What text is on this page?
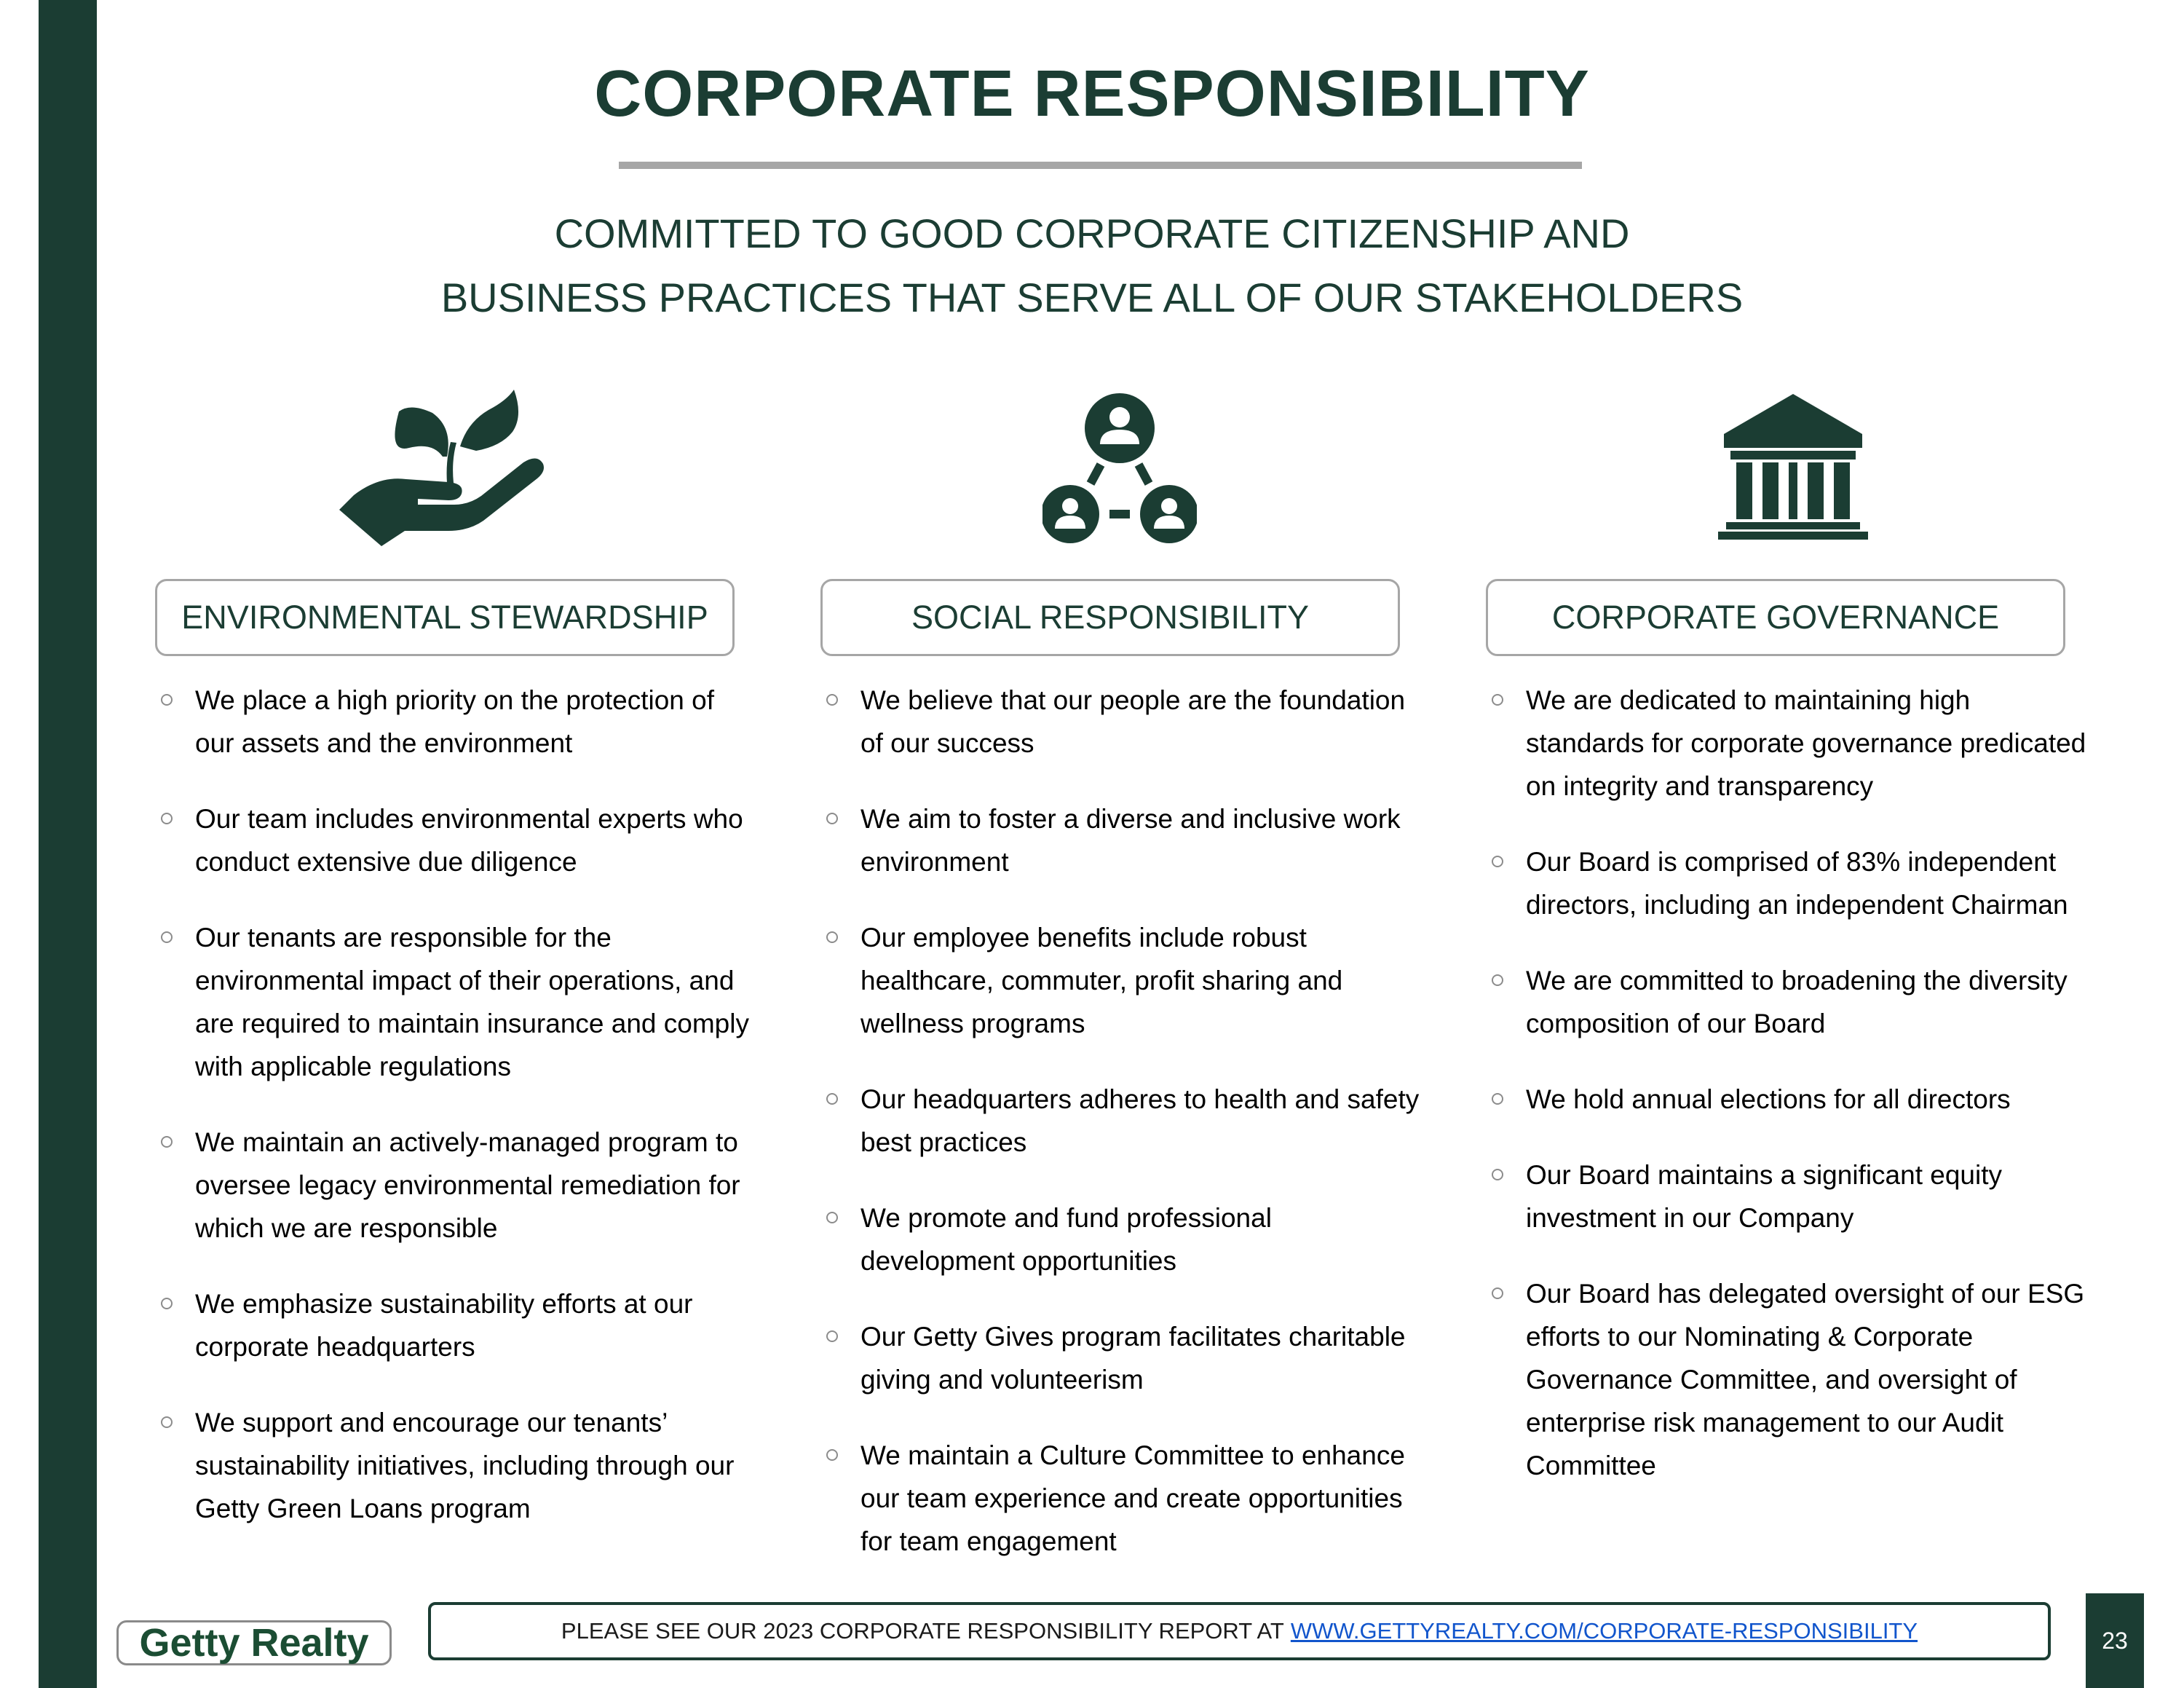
CORPORATE RESPONSIBILITY

COMMITTED TO GOOD CORPORATE CITIZENSHIP AND

BUSINESS PRACTICES THAT SERVE ALL OF OUR STAKEHOLDERS

ENVIRONMENTAL STEWARDSHIP	SOCIAL RESPONSIBILITY	CORPORATE GOVERNANCE
We place a high priority on the protection of our assets and the environment
Our team includes environmental experts who conduct extensive due diligence
Our tenants are responsible for the environmental impact of their operations, and are required to maintain insurance and comply with applicable regulations
We maintain an actively-managed program to oversee legacy environmental remediation for which we are responsible
We emphasize sustainability efforts at our corporate headquarters
We support and encourage our tenants’ sustainability initiatives, including through our Getty Green Loans program
We believe that our people are the foundation of our success
We aim to foster a diverse and inclusive work environment
Our employee benefits include robust healthcare, commuter, profit sharing and wellness programs
Our headquarters adheres to health and safety best practices
We promote and fund professional development opportunities
Our Getty Gives program facilitates charitable giving and volunteerism
We maintain a Culture Committee to enhance our team experience and create opportunities for team engagement
We are dedicated to maintaining high standards for corporate governance predicated on integrity and transparency
Our Board is comprised of 83% independent directors, including an independent Chairman
We are committed to broadening the diversity composition of our Board
We hold annual elections for all directors
Our Board maintains a significant equity investment in our Company
Our Board has delegated oversight of our ESG efforts to our Nominating & Corporate Governance Committee, and oversight of enterprise risk management to our Audit Committee
Getty Realty	PLEASE SEE OUR 2023 CORPORATE RESPONSIBILITY REPORT AT WWW.GETTYREALTY.COM/CORPORATE-RESPONSIBILITY	23
